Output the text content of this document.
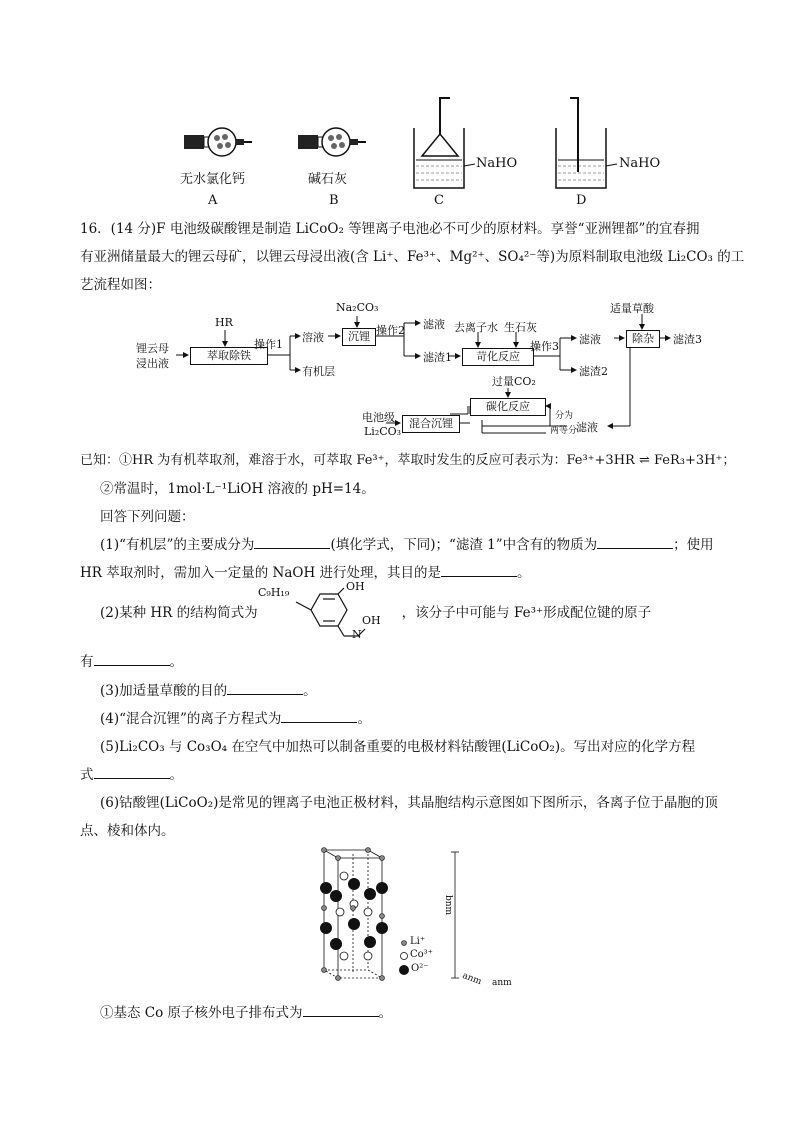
无水氯化钙	碱石灰
NaHO	NaHO
A	B	C	D
16．(14 分)F 电池级碳酸锂是制造 LiCoO₂ 等锂离子电池必不可少的原材料。享誉“亚洲锂都”的宜春拥
有亚洲储量最大的锂云母矿，以锂云母浸出液(含 Li⁺、Fe³⁺、Mg²⁺、SO₄²⁻等)为原料制取电池级 Li₂CO₃ 的工
艺流程如图：
锂云母
浸出液
HR
萃取除铁
操作1
溶液
有机层
Na₂CO₃
沉锂 操作2 滤液
滤渣1
去离子水 生石灰
苛化反应
操作3
滤液
滤渣2
适量草酸
除杂	滤渣3
过量CO₂
碳化反应
分为
两等分
滤液
混合沉锂
电池级
Li₂CO₃
已知：①HR 为有机萃取剂，难溶于水，可萃取 Fe³⁺，萃取时发生的反应可表示为：Fe³⁺+3HR ⇌ FeR₃+3H⁺；
②常温时，1mol·L⁻¹LiOH 溶液的 pH=14。
回答下列问题：
(1)“有机层”的主要成分为	(填化学式，下同)；“滤渣 1”中含有的物质为	；使用
HR 萃取剂时，需加入一定量的 NaOH 进行处理，其目的是	。
(2)某种 HR 的结构简式为	，该分子中可能与 Fe³⁺形成配位键的原子
C₉H₁₉	OH
OH
N
有	。
(3)加适量草酸的目的	。
(4)“混合沉锂”的离子方程式为	。
(5)Li₂CO₃ 与 Co₃O₄ 在空气中加热可以制备重要的电极材料钴酸锂(LiCoO₂)。写出对应的化学方程
式	。
(6)钴酸锂(LiCoO₂)是常见的锂离子电池正极材料，其晶胞结构示意图如下图所示，各离子位于晶胞的顶
点、棱和体内。
Li⁺
Co³⁺
O²⁻
bnm
anm anm
①基态 Co 原子核外电子排布式为	。
